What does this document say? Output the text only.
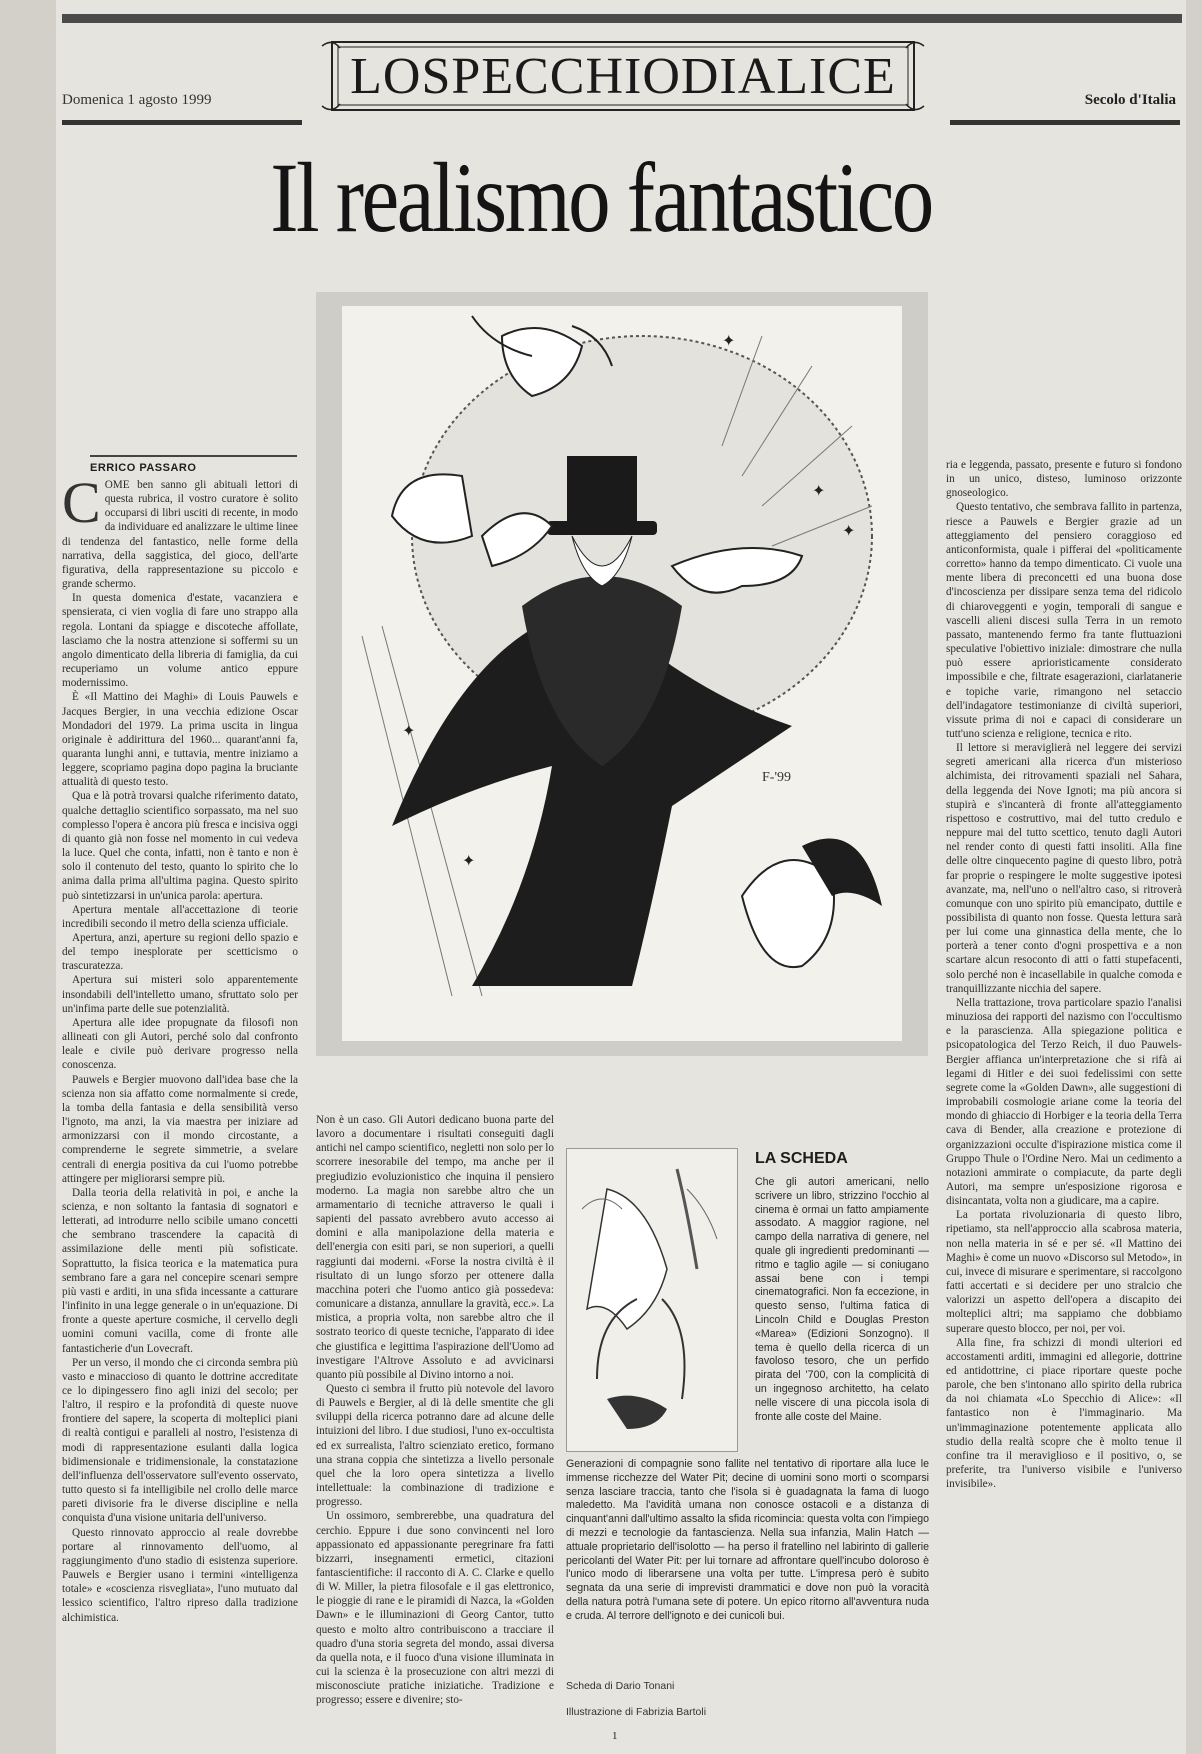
Domenica 1 agosto 1999	LOSPECCHIODIALICE	Secolo d'Italia
Il realismo fantastico
F-'99
✦
✦
✦
✦
✦
ERRICO PASSARO
C OME ben sanno gli abituali lettori di questa rubrica, il vostro curatore è solito occuparsi di libri usciti di recente, in modo da individuare ed analizzare le ultime linee di tendenza del fantastico, nelle forme della narrativa, della saggistica, del gioco, dell'arte figurativa, della rappresentazione su piccolo e grande schermo.

In questa domenica d'estate, vacanziera e spensierata, ci vien voglia di fare uno strappo alla regola. Lontani da spiagge e discoteche affollate, lasciamo che la nostra attenzione si soffermi su un angolo dimenticato della libreria di famiglia, da cui recuperiamo un volume antico eppure modernissimo.

È «Il Mattino dei Maghi» di Louis Pauwels e Jacques Bergier, in una vecchia edizione Oscar Mondadori del 1979. La prima uscita in lingua originale è addirittura del 1960... quarant'anni fa, quaranta lunghi anni, e tuttavia, mentre iniziamo a leggere, scopriamo pagina dopo pagina la bruciante attualità di questo testo.

Qua e là potrà trovarsi qualche riferimento datato, qualche dettaglio scientifico sorpassato, ma nel suo complesso l'opera è ancora più fresca e incisiva oggi di quanto già non fosse nel momento in cui vedeva la luce. Quel che conta, infatti, non è tanto e non è solo il contenuto del testo, quanto lo spirito che lo anima dalla prima all'ultima pagina. Questo spirito può sintetizzarsi in un'unica parola: apertura.

Apertura mentale all'accettazione di teorie incredibili secondo il metro della scienza ufficiale.

Apertura, anzi, aperture su regioni dello spazio e del tempo inesplorate per scetticismo o trascuratezza.

Apertura sui misteri solo apparentemente insondabili dell'intelletto umano, sfruttato solo per un'infima parte delle sue potenzialità.

Apertura alle idee propugnate da filosofi non allineati con gli Autori, perché solo dal confronto leale e civile può derivare progresso nella conoscenza.

Pauwels e Bergier muovono dall'idea base che la scienza non sia affatto come normalmente si crede, la tomba della fantasia e della sensibilità verso l'ignoto, ma anzi, la via maestra per iniziare ad armonizzarsi con il mondo circostante, a comprenderne le segrete simmetrie, a svelare centrali di energia positiva da cui l'uomo potrebbe attingere per migliorarsi sempre più.

Dalla teoria della relatività in poi, e anche la scienza, e non soltanto la fantasia di sognatori e letterati, ad introdurre nello scibile umano concetti che sembrano trascendere la capacità di assimilazione delle menti più sofisticate. Soprattutto, la fisica teorica e la matematica pura sembrano fare a gara nel concepire scenari sempre più vasti e arditi, in una sfida incessante a catturare l'infinito in una legge generale o in un'equazione. Di fronte a queste aperture cosmiche, il cervello degli uomini comuni vacilla, come di fronte alle fantasticherie d'un Lovecraft.

Per un verso, il mondo che ci circonda sembra più vasto e minaccioso di quanto le dottrine accreditate ce lo dipingessero fino agli inizi del secolo; per l'altro, il respiro e la profondità di queste nuove frontiere del sapere, la scoperta di molteplici piani di realtà contigui e paralleli al nostro, l'esistenza di modi di rappresentazione esulanti dalla logica bidimensionale e tridimensionale, la constatazione dell'influenza dell'osservatore sull'evento osservato, tutto questo si fa intelligibile nel crollo delle marce pareti divisorie fra le diverse discipline e nella conquista d'una visione unitaria dell'universo.

Questo rinnovato approccio al reale dovrebbe portare al rinnovamento dell'uomo, al raggiungimento d'uno stadio di esistenza superiore. Pauwels e Bergier usano i termini «intelligenza totale» e «coscienza risvegliata», l'uno mutuato dal lessico scientifico, l'altro ripreso dalla tradizione alchimistica.

Non è un caso. Gli Autori dedicano buona parte del lavoro a documentare i risultati conseguiti dagli antichi nel campo scientifico, negletti non solo per lo scorrere inesorabile del tempo, ma anche per il pregiudizio evoluzionistico che inquina il pensiero moderno. La magia non sarebbe altro che un armamentario di tecniche attraverso le quali i sapienti del passato avrebbero avuto accesso ai domini e alla manipolazione della materia e dell'energia con esiti pari, se non superiori, a quelli raggiunti dai moderni. «Forse la nostra civiltà è il risultato di un lungo sforzo per ottenere dalla macchina poteri che l'uomo antico già possedeva: comunicare a distanza, annullare la gravità, ecc.». La mistica, a propria volta, non sarebbe altro che il sostrato teorico di queste tecniche, l'apparato di idee che giustifica e legittima l'aspirazione dell'Uomo ad investigare l'Altrove Assoluto e ad avvicinarsi quanto più possibile al Divino intorno a noi.

Questo ci sembra il frutto più notevole del lavoro di Pauwels e Bergier, al di là delle smentite che gli sviluppi della ricerca potranno dare ad alcune delle intuizioni del libro. I due studiosi, l'uno ex-occultista ed ex surrealista, l'altro scienziato eretico, formano una strana coppia che sintetizza a livello personale quel che la loro opera sintetizza a livello intellettuale: la combinazione di tradizione e progresso.

Un ossimoro, sembrerebbe, una quadratura del cerchio. Eppure i due sono convincenti nel loro appassionato ed appassionante peregrinare fra fatti bizzarri, insegnamenti ermetici, citazioni fantascientifiche: il racconto di A. C. Clarke e quello di W. Miller, la pietra filosofale e il gas elettronico, le pioggie di rane e le piramidi di Nazca, la «Golden Dawn» e le illuminazioni di Georg Cantor, tutto questo e molto altro contribuiscono a tracciare il quadro d'una storia segreta del mondo, assai diversa da quella nota, e il fuoco d'una visione illuminata in cui la scienza è la prosecuzione con altri mezzi di misconosciute pratiche iniziatiche. Tradizione e progresso; essere e divenire; sto-

LA SCHEDA
Che gli autori americani, nello scrivere un libro, strizzino l'occhio al cinema è ormai un fatto ampiamente assodato. A maggior ragione, nel campo della narrativa di genere, nel quale gli ingredienti predominanti — ritmo e taglio agile — si coniugano assai bene con i tempi cinematografici. Non fa eccezione, in questo senso, l'ultima fatica di Lincoln Child e Douglas Preston «Marea» (Edizioni Sonzogno). Il tema è quello della ricerca di un favoloso tesoro, che un perfido pirata del '700, con la complicità di un ingegnoso architetto, ha celato nelle viscere di una piccola isola di fronte alle coste del Maine.
Generazioni di compagnie sono fallite nel tentativo di riportare alla luce le immense ricchezze del Water Pit; decine di uomini sono morti o scomparsi senza lasciare traccia, tanto che l'isola si è guadagnata la fama di luogo maledetto. Ma l'avidità umana non conosce ostacoli e a distanza di cinquant'anni dall'ultimo assalto la sfida ricomincia: questa volta con l'impiego di mezzi e tecnologie da fantascienza. Nella sua infanzia, Malin Hatch — attuale proprietario dell'isolotto — ha perso il fratellino nel labirinto di gallerie pericolanti del Water Pit: per lui tornare ad affrontare quell'incubo doloroso è l'unico modo di liberarsene una volta per tutte. L'impresa però è subito segnata da una serie di imprevisti drammatici e dove non può la voracità della natura potrà l'umana sete di potere. Un epico ritorno all'avventura nuda e cruda. Al terrore dell'ignoto e dei cunicoli bui.
Scheda di Dario Tonani
Illustrazione di Fabrizia Bartoli

ria e leggenda, passato, presente e futuro si fondono in un unico, disteso, luminoso orizzonte gnoseologico.

Questo tentativo, che sembrava fallito in partenza, riesce a Pauwels e Bergier grazie ad un atteggiamento del pensiero coraggioso ed anticonformista, quale i pifferai del «politicamente corretto» hanno da tempo dimenticato. Ci vuole una mente libera di preconcetti ed una buona dose d'incoscienza per dissipare senza tema del ridicolo di chiaroveggenti e yogin, temporali di sangue e vascelli alieni discesi sulla Terra in un remoto passato, mantenendo fermo fra tante fluttuazioni speculative l'obiettivo iniziale: dimostrare che nulla può essere aprioristicamente considerato impossibile e che, filtrate esagerazioni, ciarlatanerie e topiche varie, rimangono nel setaccio dell'indagatore testimonianze di civiltà superiori, vissute prima di noi e capaci di considerare un tutt'uno scienza e religione, tecnica e rito.

Il lettore si meraviglierà nel leggere dei servizi segreti americani alla ricerca d'un misterioso alchimista, dei ritrovamenti spaziali nel Sahara, della leggenda dei Nove Ignoti; ma più ancora si stupirà e s'incanterà di fronte all'atteggiamento rispettoso e costruttivo, mai del tutto credulo e neppure mai del tutto scettico, tenuto dagli Autori nel render conto di questi fatti insoliti. Alla fine delle oltre cinquecento pagine di questo libro, potrà far proprie o respingere le molte suggestive ipotesi avanzate, ma, nell'uno o nell'altro caso, si ritroverà comunque con uno spirito più emancipato, duttile e possibilista di quanto non fosse. Questa lettura sarà per lui come una ginnastica della mente, che lo porterà a tener conto d'ogni prospettiva e a non scartare alcun resoconto di atti o fatti stupefacenti, solo perché non è incasellabile in qualche comoda e tranquillizzante nicchia del sapere.

Nella trattazione, trova particolare spazio l'analisi minuziosa dei rapporti del nazismo con l'occultismo e la parascienza. Alla spiegazione politica e psicopatologica del Terzo Reich, il duo Pauwels-Bergier affianca un'interpretazione che si rifà ai legami di Hitler e dei suoi fedelissimi con sette segrete come la «Golden Dawn», alle suggestioni di improbabili cosmologie ariane come la teoria del mondo di ghiaccio di Horbiger e la teoria della Terra cava di Bender, alla creazione e protezione di organizzazioni occulte d'ispirazione mistica come il Gruppo Thule o l'Ordine Nero. Mai un cedimento a notazioni ammirate o compiacute, da parte degli Autori, ma sempre un'esposizione rigorosa e disincantata, volta non a giudicare, ma a capire.

La portata rivoluzionaria di questo libro, ripetiamo, sta nell'approccio alla scabrosa materia, non nella materia in sé e per sé. «Il Mattino dei Maghi» è come un nuovo «Discorso sul Metodo», in cui, invece di misurare e sperimentare, si raccolgono fatti accertati e si decidere per uno stralcio che valorizzi un aspetto dell'opera a discapito dei molteplici altri; ma sappiamo che dobbiamo superare questo blocco, per noi, per voi.

Alla fine, fra schizzi di mondi ulteriori ed accostamenti arditi, immagini ed allegorie, dottrine ed antidottrine, ci piace riportare queste poche parole, che ben s'intonano allo spirito della rubrica da noi chiamata «Lo Specchio di Alice»: «Il fantastico non è l'immaginario. Ma un'immaginazione potentemente applicata allo studio della realtà scopre che è molto tenue il confine tra il meraviglioso e il positivo, o, se preferite, tra l'universo visibile e l'universo invisibile».

1
